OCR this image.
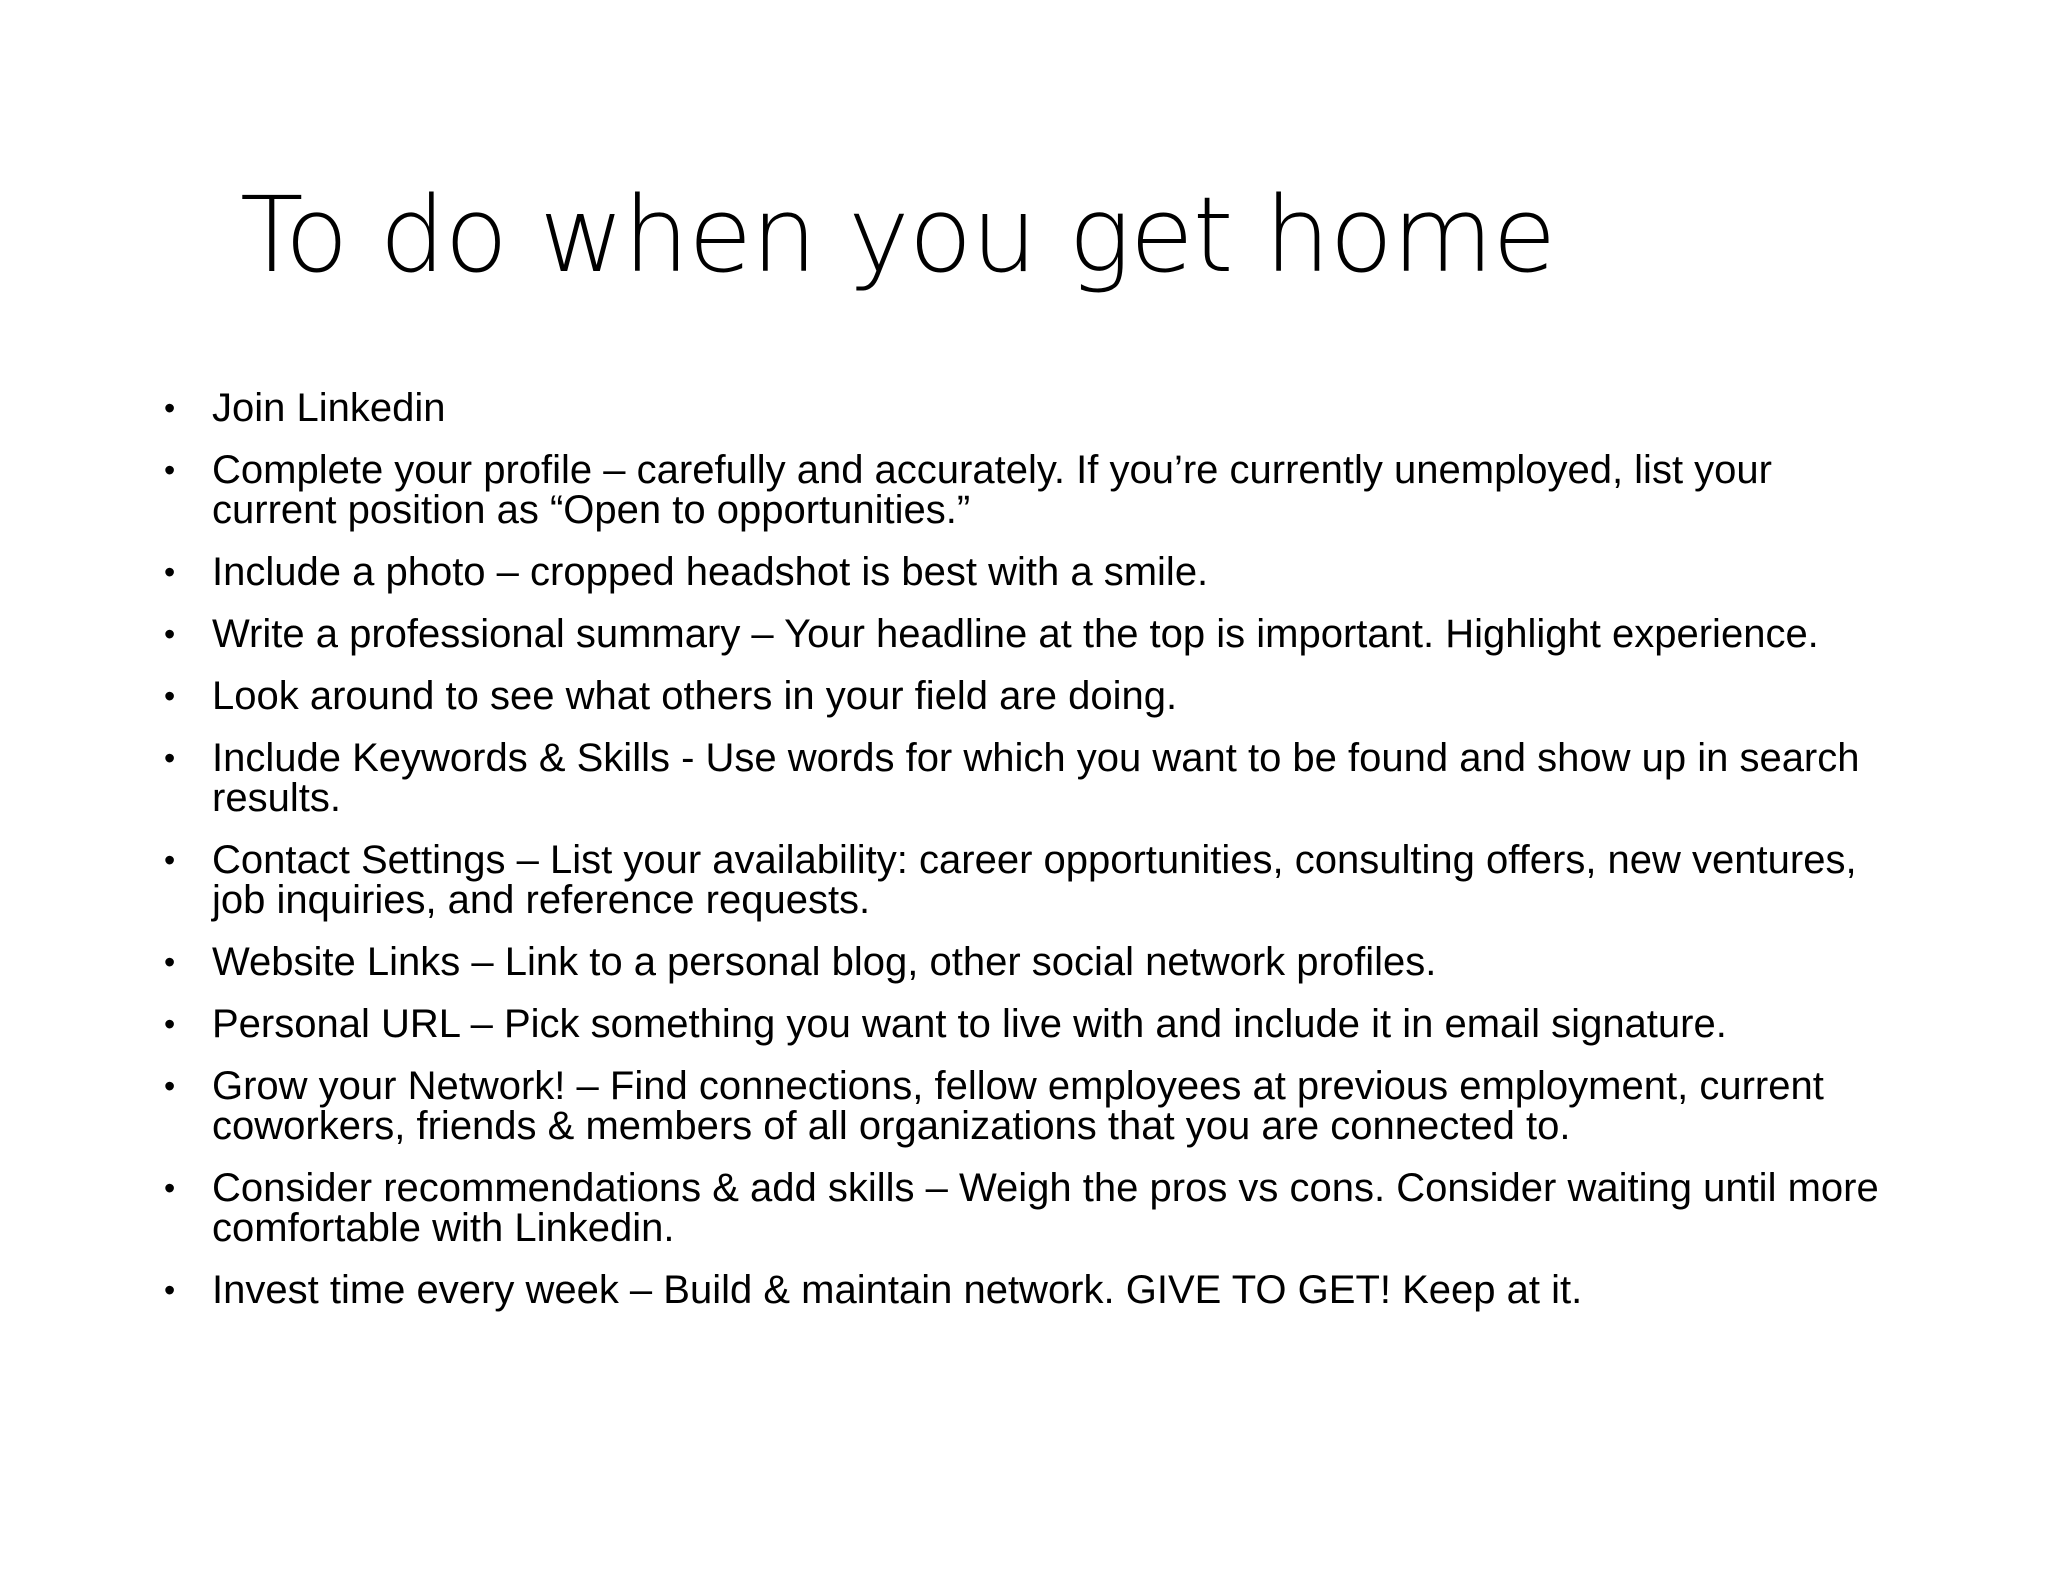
To do when you get home
• Join Linkedin
• Complete your profile – carefully and accurately. If you’re currently unemployed, list your current position as “Open to opportunities.”
• Include a photo – cropped headshot is best with a smile.
• Write a professional summary – Your headline at the top is important. Highlight experience.
• Look around to see what others in your field are doing.
• Include Keywords & Skills - Use words for which you want to be found and show up in search results.
• Contact Settings – List your availability: career opportunities, consulting offers, new ventures, job inquiries, and reference requests.
• Website Links – Link to a personal blog, other social network profiles.
• Personal URL – Pick something you want to live with and include it in email signature.
• Grow your Network! – Find connections, fellow employees at previous employment, current coworkers, friends & members of all organizations that you are connected to.
• Consider recommendations & add skills – Weigh the pros vs cons. Consider waiting until more comfortable with Linkedin.
• Invest time every week – Build & maintain network. GIVE TO GET! Keep at it.
